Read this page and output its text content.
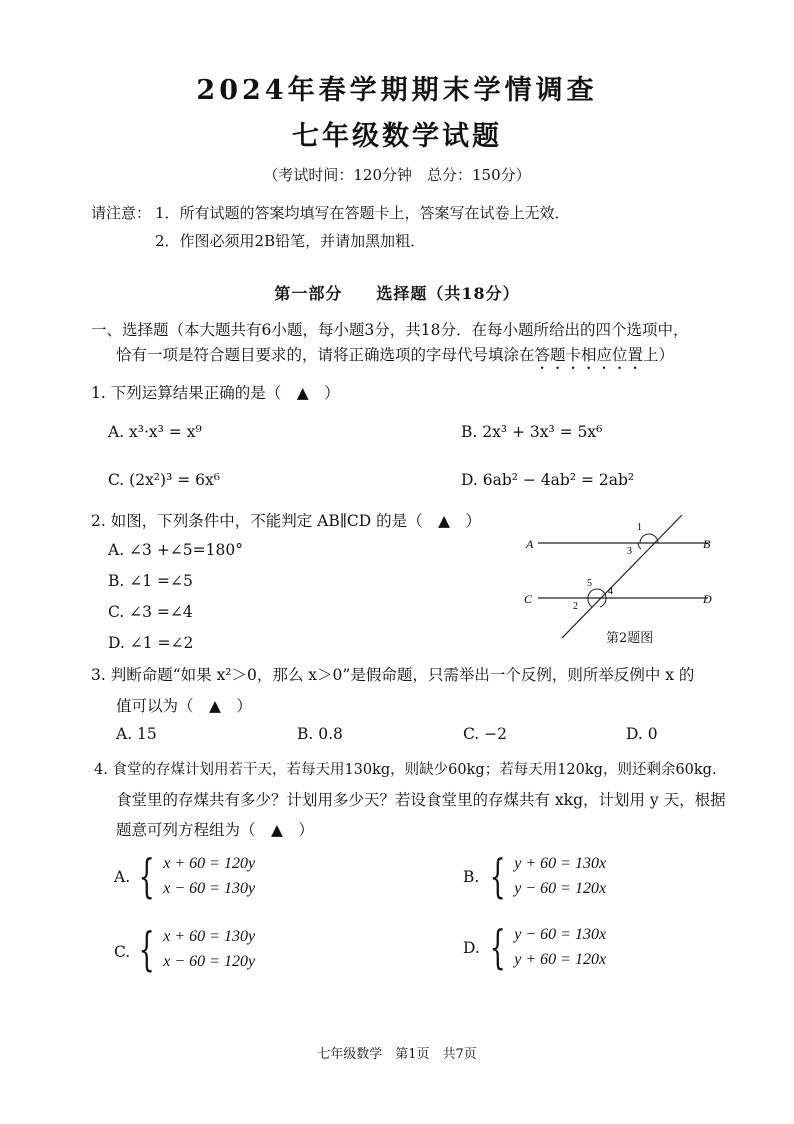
2024年春学期期末学情调查
七年级数学试题
（考试时间：120分钟　总分：150分）
请注意： 1．所有试题的答案均填写在答题卡上，答案写在试卷上无效．
2．作图必须用2B铅笔，并请加黑加粗．
第一部分　　选择题（共18分）
一、选择题（本大题共有6小题，每小题3分，共18分．在每小题所给出的四个选项中，
恰有一项是符合题目要求的，请将正确选项的字母代号填涂在答题卡相应位置上）
1. 下列运算结果正确的是（　▲　）
A. x³·x³ = x⁹	B. 2x³ + 3x³ = 5x⁶
C. (2x²)³ = 6x⁶	D. 6ab² − 4ab² = 2ab²
2. 如图，下列条件中，不能判定 AB∥CD 的是（　▲　）
A. ∠3 +∠5=180°
B. ∠1 =∠5
C. ∠3 =∠4
D. ∠1 =∠2
A	B
C	D
1
2
3
4
5
第2题图
3. 判断命题“如果 x²＞0，那么 x＞0”是假命题，只需举出一个反例，则所举反例中 x 的
值可以为（　▲　）
A. 15	B. 0.8	C. −2	D. 0
4. 食堂的存煤计划用若干天，若每天用130kg，则缺少60kg；若每天用120kg，则还剩余60kg.
食堂里的存煤共有多少？计划用多少天？若设食堂里的存煤共有 xkg，计划用 y 天，根据
题意可列方程组为（　▲　）
A. { x + 60 = 120y
x − 60 = 130y
B. { y + 60 = 130x
y − 60 = 120x
C. { x + 60 = 130y
x − 60 = 120y
D. { y − 60 = 130x
y + 60 = 120x
七年级数学　第1页　共7页
